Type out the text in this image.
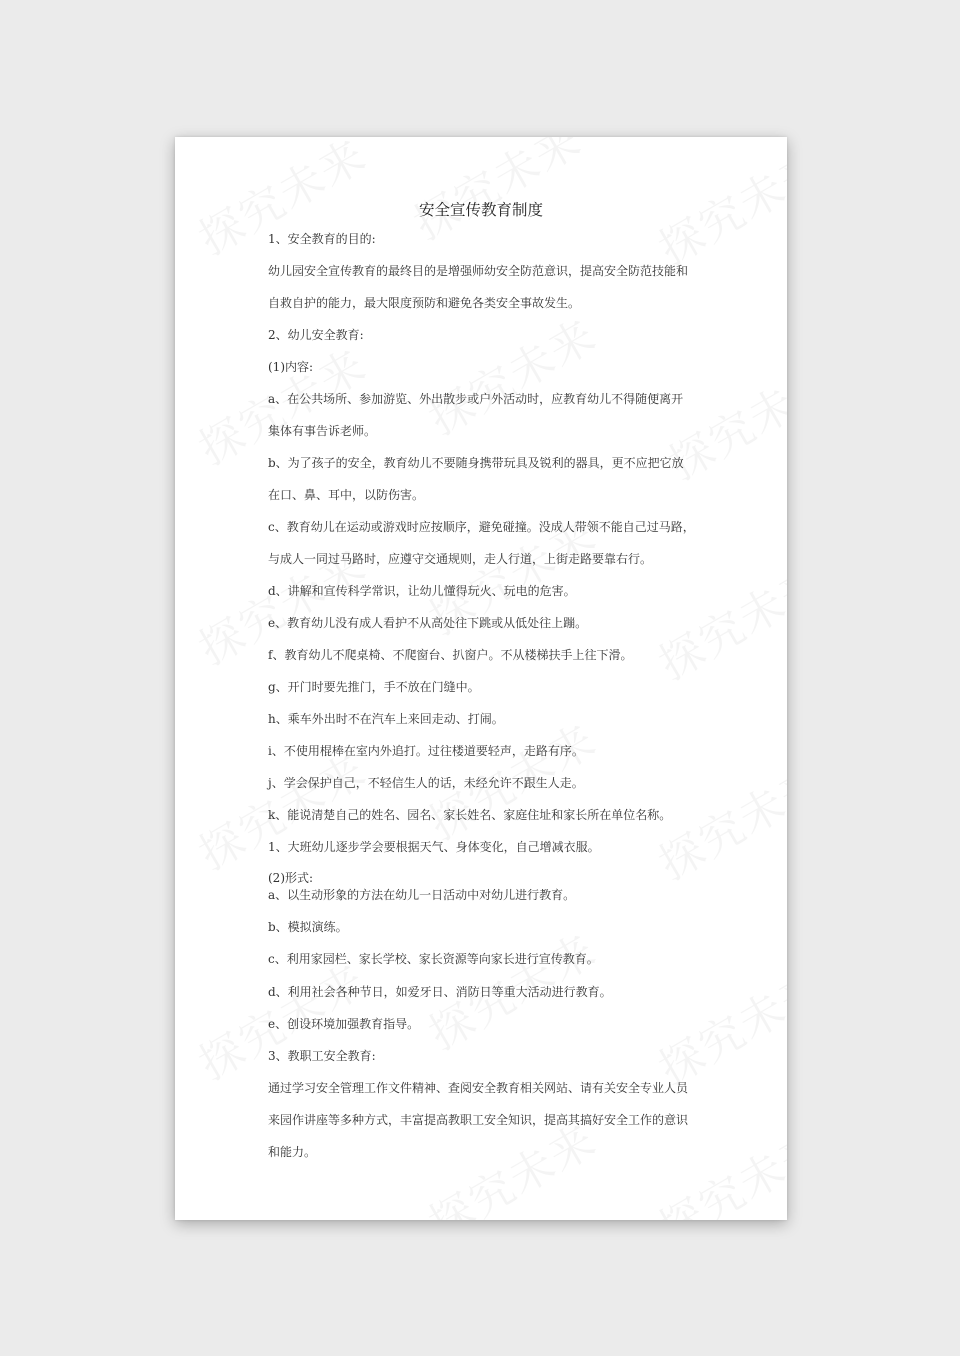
安全宣传教育制度
1、安全教育的目的:
幼儿园安全宣传教育的最终目的是增强师幼安全防范意识，提高安全防范技能和
自救自护的能力，最大限度预防和避免各类安全事故发生。
2、幼儿安全教育:
(1)内容:
a、在公共场所、参加游览、外出散步或户外活动时，应教育幼儿不得随便离开
集体有事告诉老师。
b、为了孩子的安全，教育幼儿不要随身携带玩具及锐利的器具，更不应把它放
在口、鼻、耳中，以防伤害。
c、教育幼儿在运动或游戏时应按顺序，避免碰撞。没成人带领不能自己过马路，
与成人一同过马路时，应遵守交通规则，走人行道，上街走路要靠右行。
d、讲解和宣传科学常识，让幼儿懂得玩火、玩电的危害。
e、教育幼儿没有成人看护不从高处往下跳或从低处往上蹦。
f、教育幼儿不爬桌椅、不爬窗台、扒窗户。不从楼梯扶手上往下滑。
g、开门时要先推门，手不放在门缝中。
h、乘车外出时不在汽车上来回走动、打闹。
i、不使用棍棒在室内外追打。过往楼道要轻声，走路有序。
j、学会保护自己，不轻信生人的话，未经允许不跟生人走。
k、能说清楚自己的姓名、园名、家长姓名、家庭住址和家长所在单位名称。
1、大班幼儿逐步学会要根据天气、身体变化，自己增减衣服。
(2)形式:
a、以生动形象的方法在幼儿一日活动中对幼儿进行教育。
b、模拟演练。
c、利用家园栏、家长学校、家长资源等向家长进行宣传教育。
d、利用社会各种节日，如爱牙日、消防日等重大活动进行教育。
e、创设环境加强教育指导。
3、教职工安全教育:
通过学习安全管理工作文件精神、查阅安全教育相关网站、请有关安全专业人员
来园作讲座等多种方式，丰富提高教职工安全知识，提高其搞好安全工作的意识
和能力。
